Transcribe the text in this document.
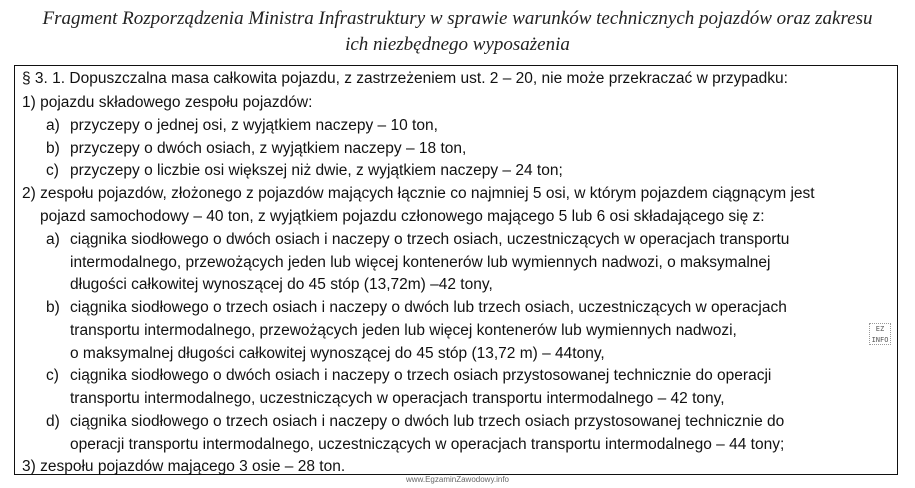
Fragment Rozporządzenia Ministra Infrastruktury w sprawie warunków technicznych pojazdów oraz zakresu
ich niezbędnego wyposażenia
§ 3. 1. Dopuszczalna masa całkowita pojazdu, z zastrzeżeniem ust. 2 – 20, nie może przekraczać w przypadku:
1) pojazdu składowego zespołu pojazdów:
a) przyczepy o jednej osi, z wyjątkiem naczepy – 10 ton,
b) przyczepy o dwóch osiach, z wyjątkiem naczepy – 18 ton,
c) przyczepy o liczbie osi większej niż dwie, z wyjątkiem naczepy – 24 ton;
2) zespołu pojazdów, złożonego z pojazdów mających łącznie co najmniej 5 osi, w którym pojazdem ciągnącym jest
pojazd samochodowy – 40 ton, z wyjątkiem pojazdu członowego mającego 5 lub 6 osi składającego się z:
a) ciągnika siodłowego o dwóch osiach i naczepy o trzech osiach, uczestniczących w operacjach transportu
intermodalnego, przewożących jeden lub więcej kontenerów lub wymiennych nadwozi, o maksymalnej
długości całkowitej wynoszącej do 45 stóp (13,72m) –42 tony,
b) ciągnika siodłowego o trzech osiach i naczepy o dwóch lub trzech osiach, uczestniczących w operacjach
transportu intermodalnego, przewożących jeden lub więcej kontenerów lub wymiennych nadwozi,
o maksymalnej długości całkowitej wynoszącej do 45 stóp (13,72 m) – 44tony,
c) ciągnika siodłowego o dwóch osiach i naczepy o trzech osiach przystosowanej technicznie do operacji
transportu intermodalnego, uczestniczących w operacjach transportu intermodalnego – 42 tony,
d) ciągnika siodłowego o trzech osiach i naczepy o dwóch lub trzech osiach przystosowanej technicznie do
operacji transportu intermodalnego, uczestniczących w operacjach transportu intermodalnego – 44 tony;
3) zespołu pojazdów mającego 3 osie – 28 ton.
EZ INFO
www.EgzaminZawodowy.info
